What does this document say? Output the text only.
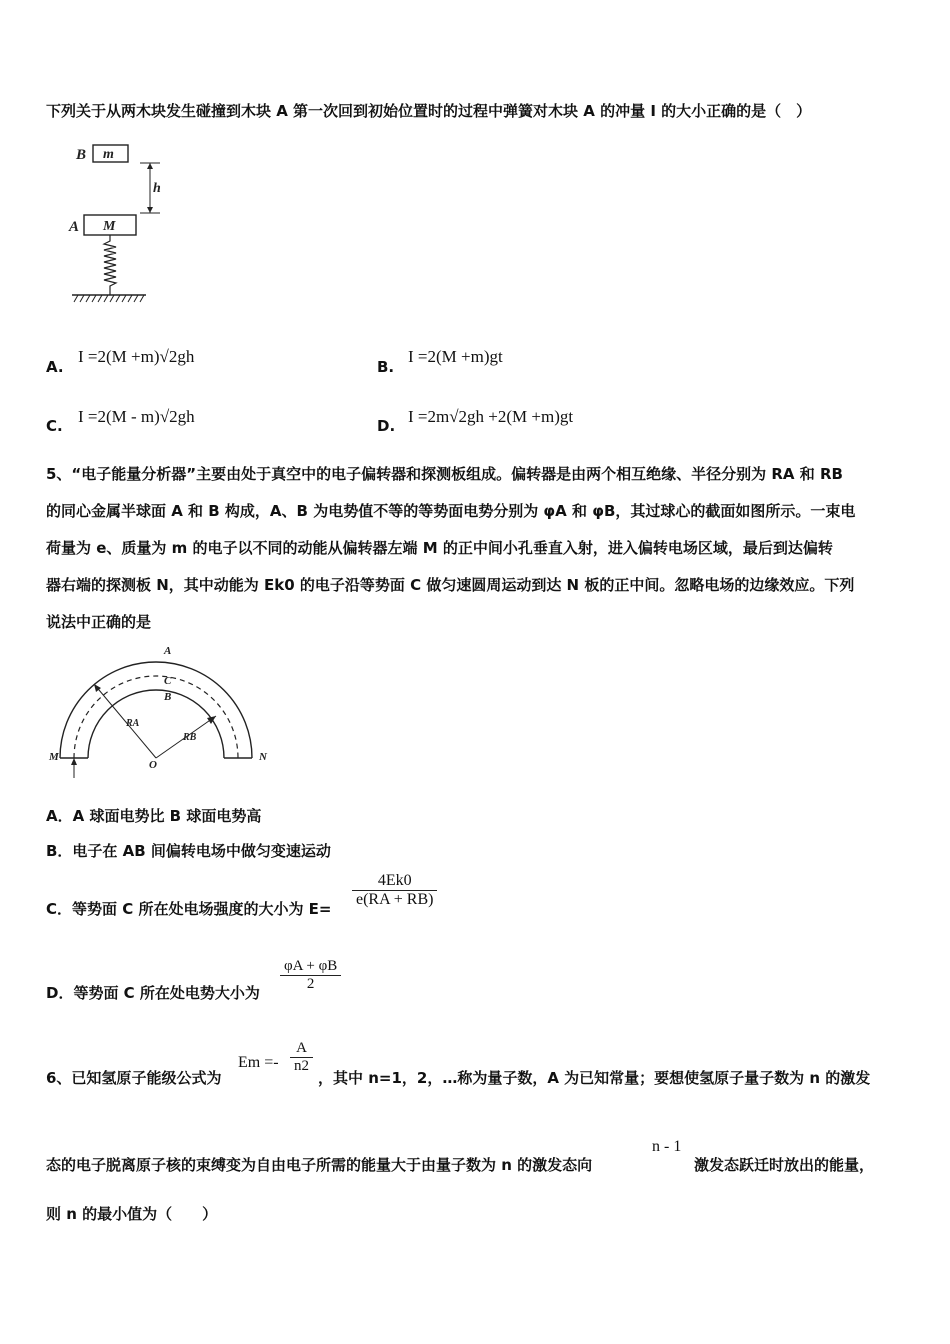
下列关于从两木块发生碰撞到木块 A 第一次回到初始位置时的过程中弹簧对木块 A 的冲量 I 的大小正确的是（　）
B m
h
A M
A.
I =2(M +m)√2gh
B.
I =2(M +m)gt
C. I =2(M - m)√2gh	D. I =2m√2gh +2(M +m)gt
5、“电子能量分析器”主要由处于真空中的电子偏转器和探测板组成。偏转器是由两个相互绝缘、半径分别为 RA 和 RB
的同心金属半球面 A 和 B 构成，A、B 为电势值不等的等势面电势分别为 φA 和 φB，其过球心的截面如图所示。一束电
荷量为 e、质量为 m 的电子以不同的动能从偏转器左端 M 的正中间小孔垂直入射，进入偏转电场区域，最后到达偏转
器右端的探测板 N，其中动能为 Ek0 的电子沿等势面 C 做匀速圆周运动到达 N 板的正中间。忽略电场的边缘效应。下列
说法中正确的是
A
C
B
RA
RB
O
M	N
A．A 球面电势比 B 球面电势高
B．电子在 AB 间偏转电场中做匀变速运动
C．等势面 C 所在处电场强度的大小为 $E= \frac{4Ek0}{e(RA + RB)}$
D．等势面 C 所在处电势大小为 $\frac{\varphi A + \varphi B}{2}$
6、已知氢原子能级公式为
$Em =- \frac{A}{n2}$
，其中 n=1，2，…称为量子数，A 为已知常量；要想使氢原子量子数为 n 的激发
态的电子脱离原子核的束缚变为自由电子所需的能量大于由量子数为 n 的激发态向
n - 1
激发态跃迁时放出的能量，
则 n 的最小值为（　　）
